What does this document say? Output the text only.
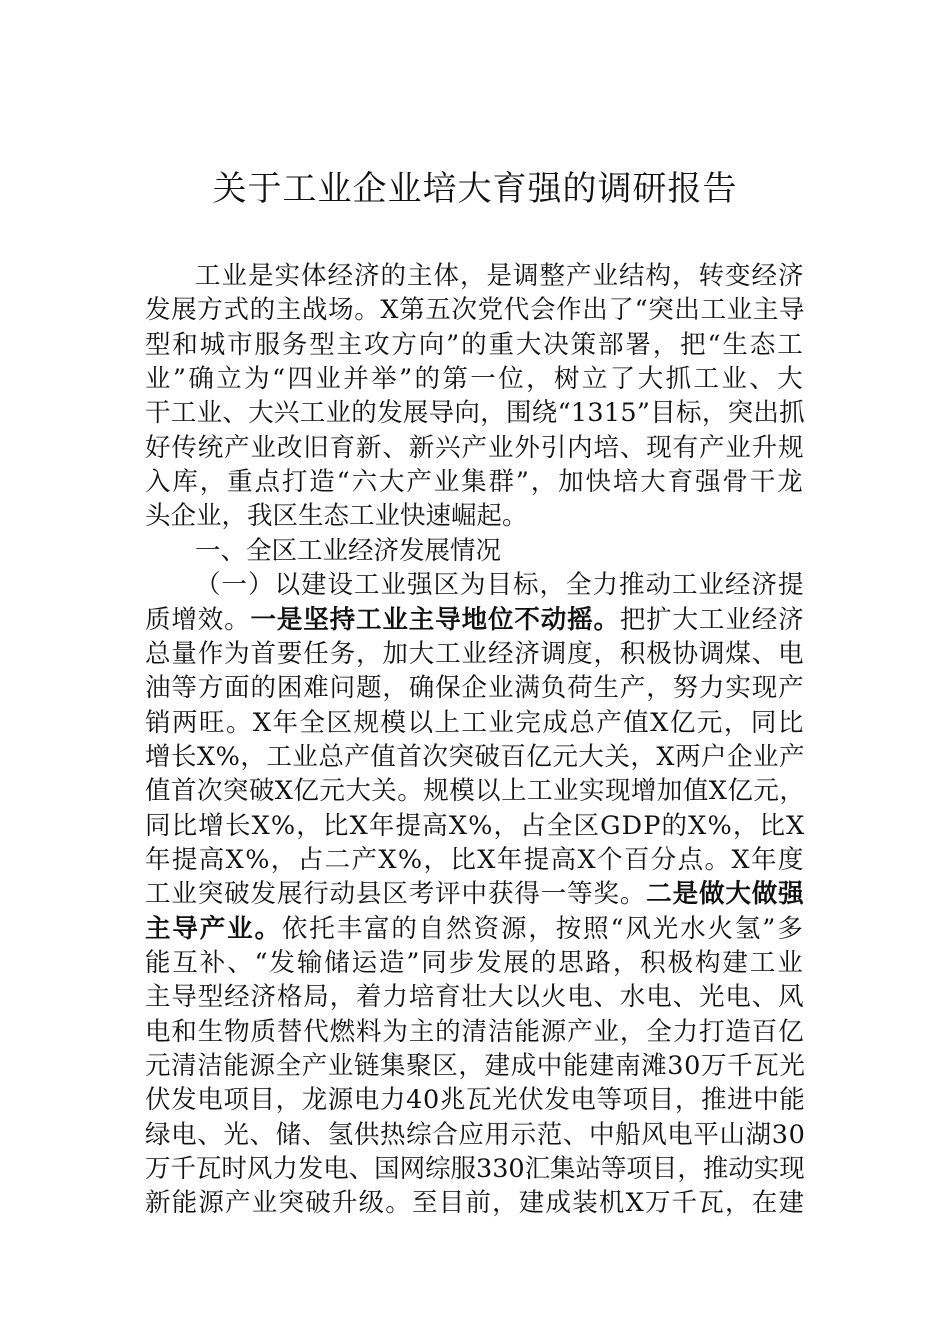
关于工业企业培大育强的调研报告
工业是实体经济的主体，是调整产业结构，转变经济
发展方式的主战场。X第五次党代会作出了“突出工业主导
型和城市服务型主攻方向”的重大决策部署，把“生态工
业”确立为“四业并举”的第一位，树立了大抓工业、大
干工业、大兴工业的发展导向，围绕“1315”目标，突出抓
好传统产业改旧育新、新兴产业外引内培、现有产业升规
入库，重点打造“六大产业集群”，加快培大育强骨干龙
头企业，我区生态工业快速崛起。
一、全区工业经济发展情况
（一）以建设工业强区为目标，全力推动工业经济提
质增效。一是坚持工业主导地位不动摇。把扩大工业经济
总量作为首要任务，加大工业经济调度，积极协调煤、电
油等方面的困难问题，确保企业满负荷生产，努力实现产
销两旺。X年全区规模以上工业完成总产值X亿元，同比
增长X%，工业总产值首次突破百亿元大关，X两户企业产
值首次突破X亿元大关。规模以上工业实现增加值X亿元，
同比增长X%，比X年提高X%，占全区GDP的X%，比X
年提高X%，占二产X%，比X年提高X个百分点。X年度
工业突破发展行动县区考评中获得一等奖。二是做大做强
主导产业。依托丰富的自然资源，按照“风光水火氢”多
能互补、“发输储运造”同步发展的思路，积极构建工业
主导型经济格局，着力培育壮大以火电、水电、光电、风
电和生物质替代燃料为主的清洁能源产业，全力打造百亿
元清洁能源全产业链集聚区，建成中能建南滩30万千瓦光
伏发电项目，龙源电力40兆瓦光伏发电等项目，推进中能
绿电、光、储、氢供热综合应用示范、中船风电平山湖30
万千瓦时风力发电、国网综服330汇集站等项目，推动实现
新能源产业突破升级。至目前，建成装机X万千瓦，在建
